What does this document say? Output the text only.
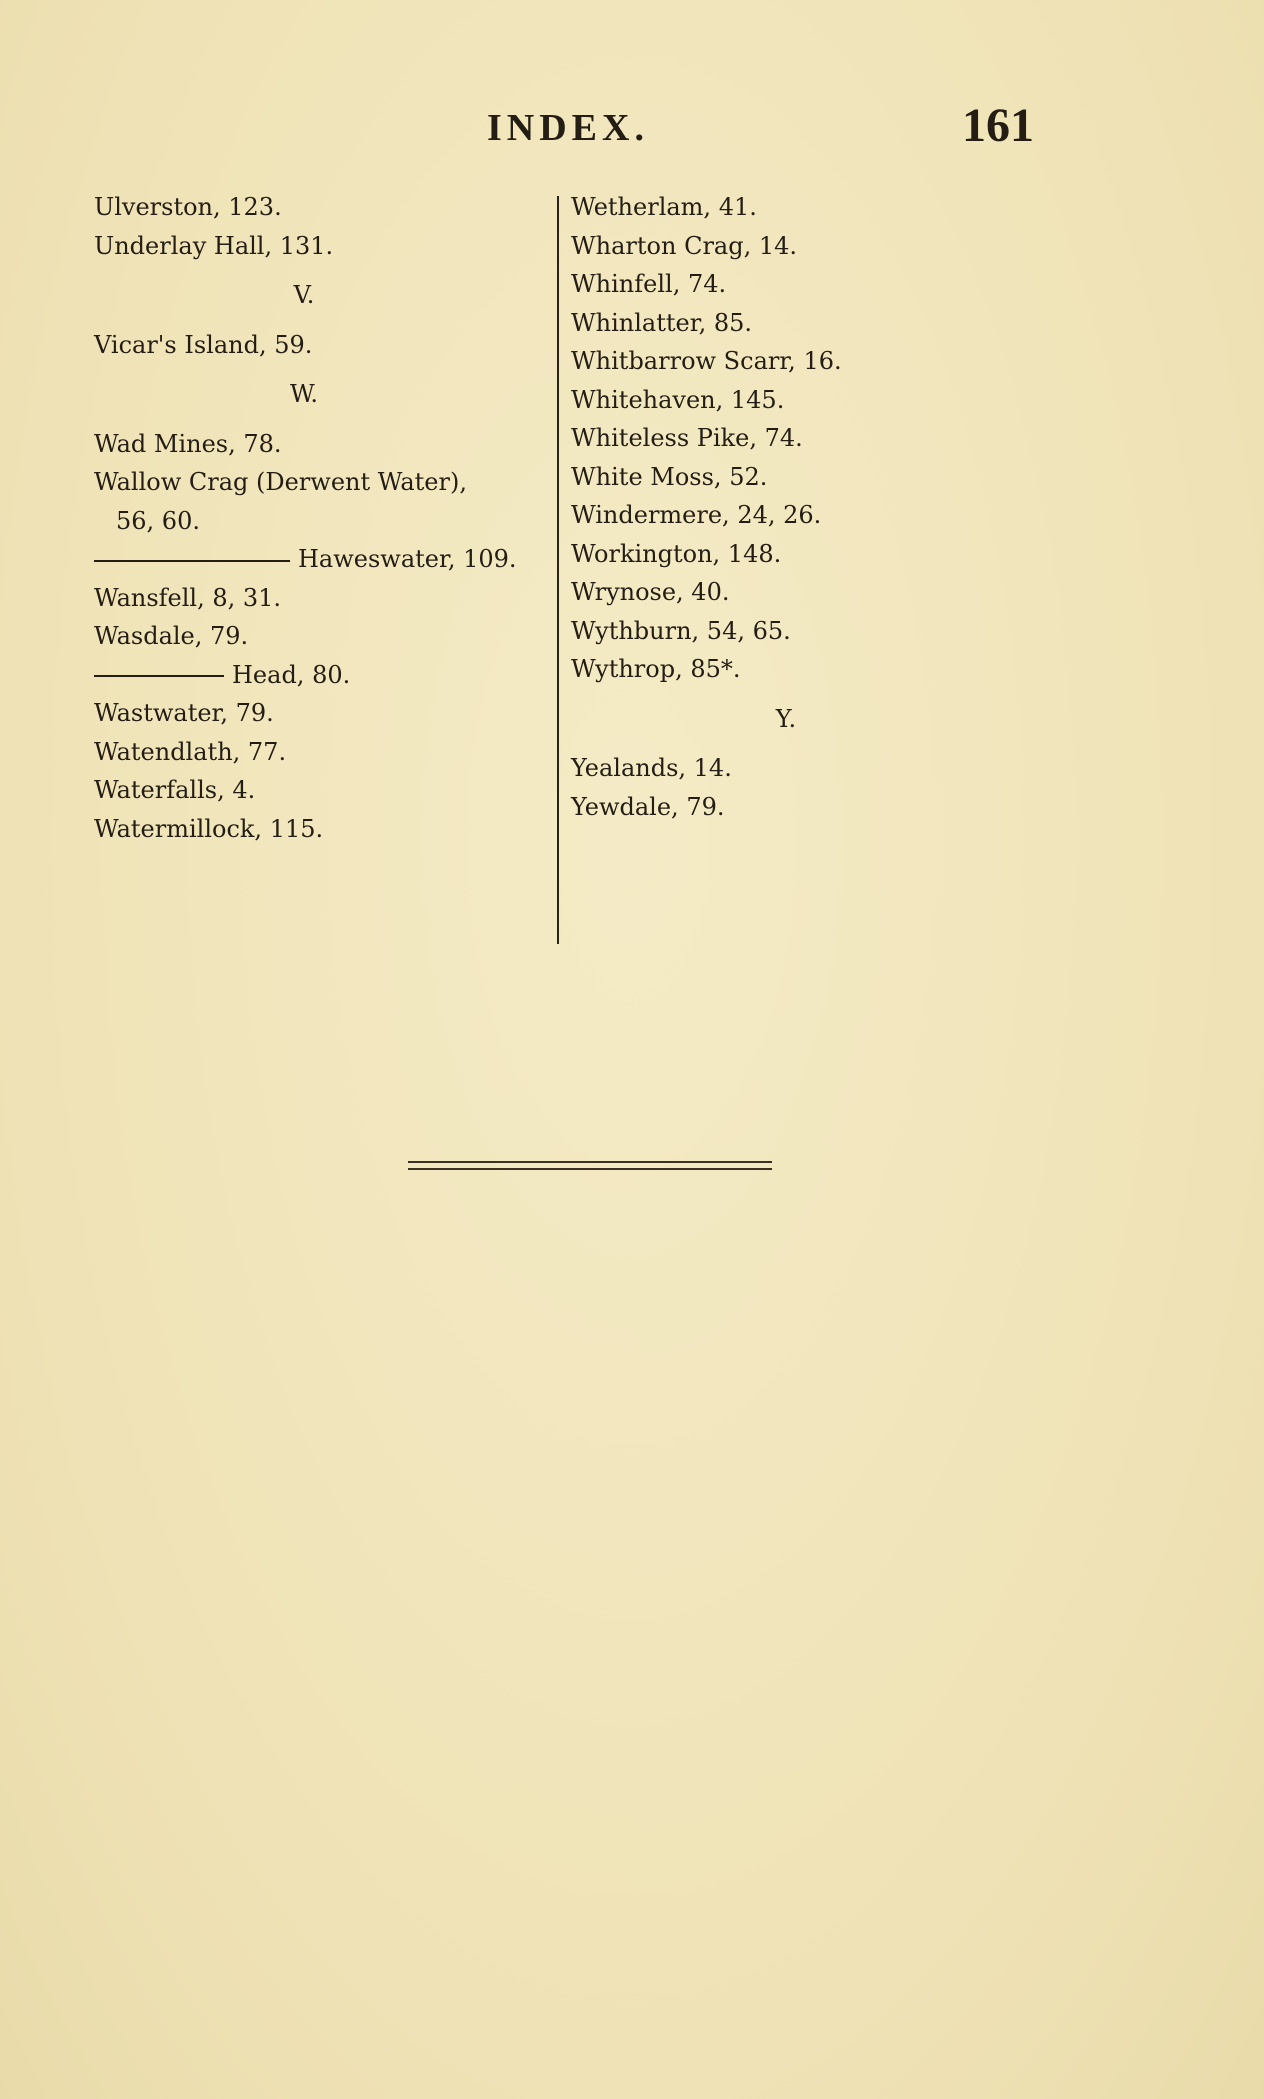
INDEX.	161
Ulverston, 123.
Underlay Hall, 131.
V.
Vicar's Island, 59.
W.
Wad Mines, 78.
Wallow Crag (Derwent Water),
56, 60.
Haweswater, 109.
Wansfell, 8, 31.
Wasdale, 79.
Head, 80.
Wastwater, 79.
Watendlath, 77.
Waterfalls, 4.
Watermillock, 115.
Wetherlam, 41.
Wharton Crag, 14.
Whinfell, 74.
Whinlatter, 85.
Whitbarrow Scarr, 16.
Whitehaven, 145.
Whiteless Pike, 74.
White Moss, 52.
Windermere, 24, 26.
Workington, 148.
Wrynose, 40.
Wythburn, 54, 65.
Wythrop, 85*.
Y.
Yealands, 14.
Yewdale, 79.
